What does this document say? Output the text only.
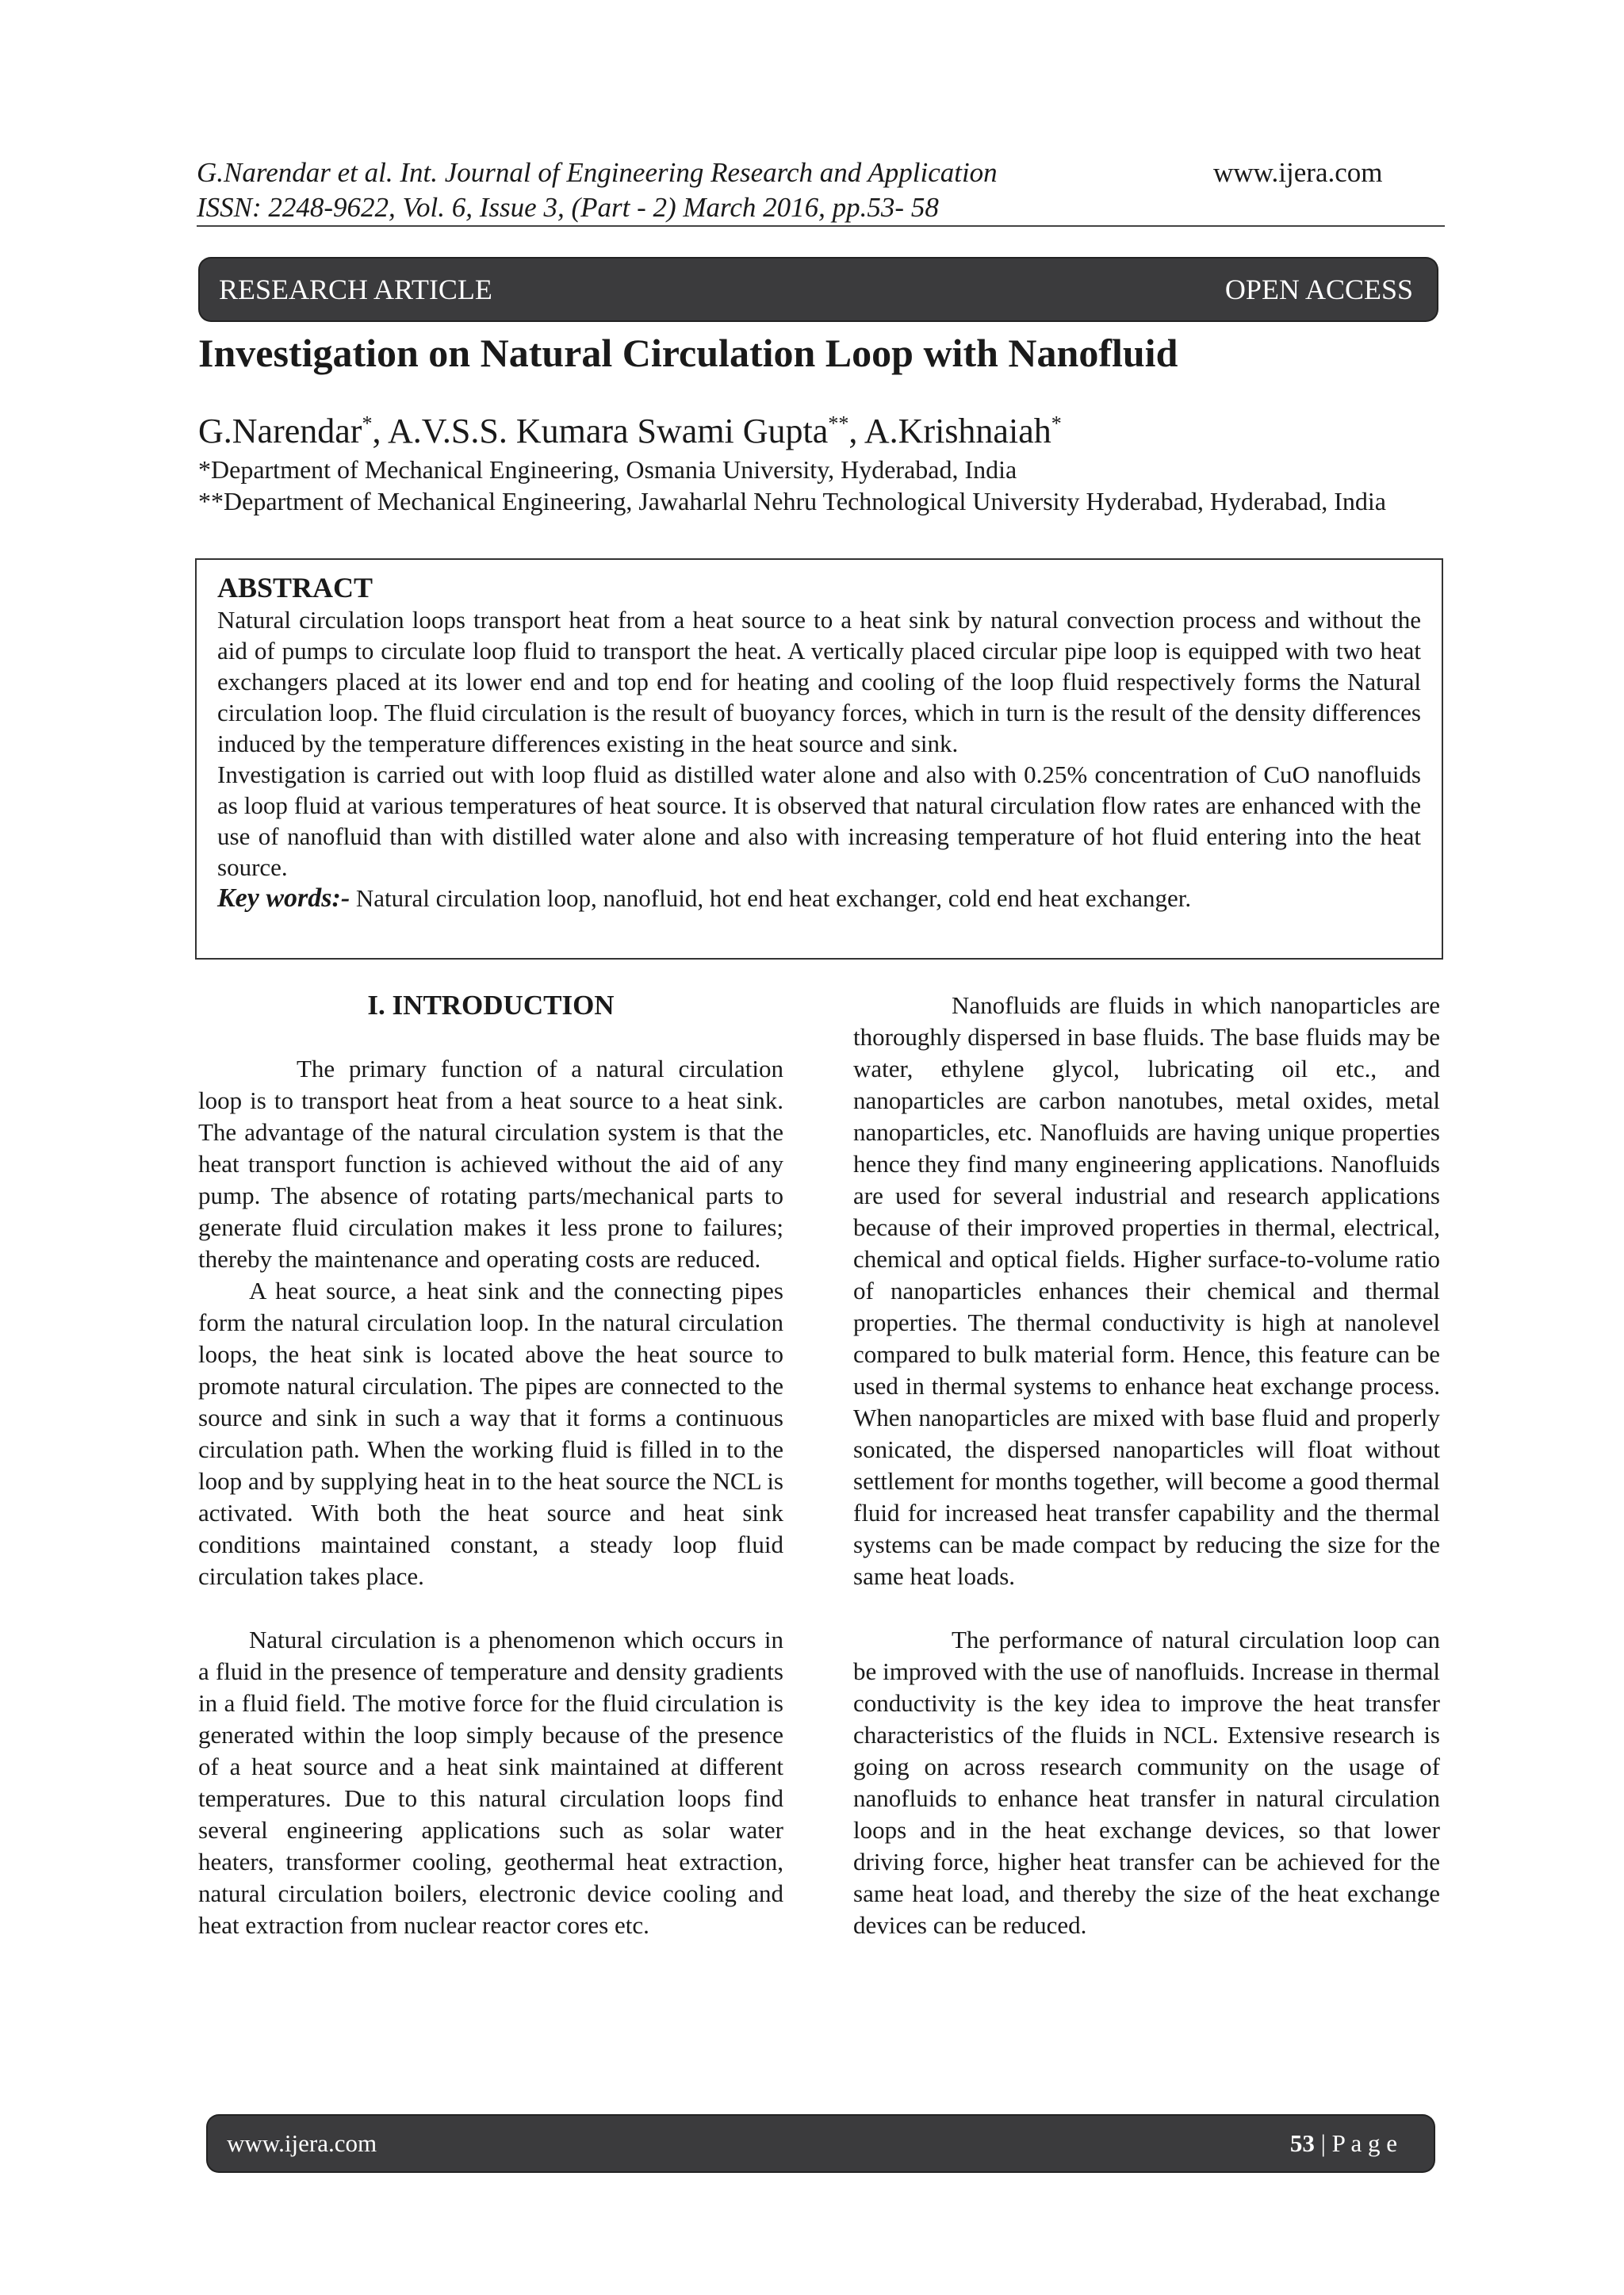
G.Narendar et al. Int. Journal of Engineering Research and Application
ISSN: 2248-9622, Vol. 6, Issue 3, (Part - 2) March 2016, pp.53- 58
www.ijera.com
RESEARCH ARTICLE	OPEN ACCESS
Investigation on Natural Circulation Loop with Nanofluid
G.Narendar*, A.V.S.S. Kumara Swami Gupta**, A.Krishnaiah*
*Department of Mechanical Engineering, Osmania University, Hyderabad, India
**Department of Mechanical Engineering, Jawaharlal Nehru Technological University Hyderabad, Hyderabad, India
ABSTRACT

Natural circulation loops transport heat from a heat source to a heat sink by natural convection process and without the aid of pumps to circulate loop fluid to transport the heat. A vertically placed circular pipe loop is equipped with two heat exchangers placed at its lower end and top end for heating and cooling of the loop fluid respectively forms the Natural circulation loop. The fluid circulation is the result of buoyancy forces, which in turn is the result of the density differences induced by the temperature differences existing in the heat source and sink.

Investigation is carried out with loop fluid as distilled water alone and also with 0.25% concentration of CuO nanofluids as loop fluid at various temperatures of heat source. It is observed that natural circulation flow rates are enhanced with the use of nanofluid than with distilled water alone and also with increasing temperature of hot fluid entering into the heat source.

Key words:- Natural circulation loop, nanofluid, hot end heat exchanger, cold end heat exchanger.

I. INTRODUCTION

The primary function of a natural circulation loop is to transport heat from a heat source to a heat sink. The advantage of the natural circulation system is that the heat transport function is achieved without the aid of any pump. The absence of rotating parts/mechanical parts to generate fluid circulation makes it less prone to failures; thereby the maintenance and operating costs are reduced.

A heat source, a heat sink and the connecting pipes form the natural circulation loop. In the natural circulation loops, the heat sink is located above the heat source to promote natural circulation. The pipes are connected to the source and sink in such a way that it forms a continuous circulation path. When the working fluid is filled in to the loop and by supplying heat in to the heat source the NCL is activated. With both the heat source and heat sink conditions maintained constant, a steady loop fluid circulation takes place.

Natural circulation is a phenomenon which occurs in a fluid in the presence of temperature and density gradients in a fluid field. The motive force for the fluid circulation is generated within the loop simply because of the presence of a heat source and a heat sink maintained at different temperatures. Due to this natural circulation loops find several engineering applications such as solar water heaters, transformer cooling, geothermal heat extraction, natural circulation boilers, electronic device cooling and heat extraction from nuclear reactor cores etc.

Nanofluids are fluids in which nanoparticles are thoroughly dispersed in base fluids. The base fluids may be water, ethylene glycol, lubricating oil etc., and nanoparticles are carbon nanotubes, metal oxides, metal nanoparticles, etc. Nanofluids are having unique properties hence they find many engineering applications. Nanofluids are used for several industrial and research applications because of their improved properties in thermal, electrical, chemical and optical fields. Higher surface-to-volume ratio of nanoparticles enhances their chemical and thermal properties. The thermal conductivity is high at nanolevel compared to bulk material form. Hence, this feature can be used in thermal systems to enhance heat exchange process. When nanoparticles are mixed with base fluid and properly sonicated, the dispersed nanoparticles will float without settlement for months together, will become a good thermal fluid for increased heat transfer capability and the thermal systems can be made compact by reducing the size for the same heat loads.

The performance of natural circulation loop can be improved with the use of nanofluids. Increase in thermal conductivity is the key idea to improve the heat transfer characteristics of the fluids in NCL. Extensive research is going on across research community on the usage of nanofluids to enhance heat transfer in natural circulation loops and in the heat exchange devices, so that lower driving force, higher heat transfer can be achieved for the same heat load, and thereby the size of the heat exchange devices can be reduced.

www.ijera.com	53 | P a g e
